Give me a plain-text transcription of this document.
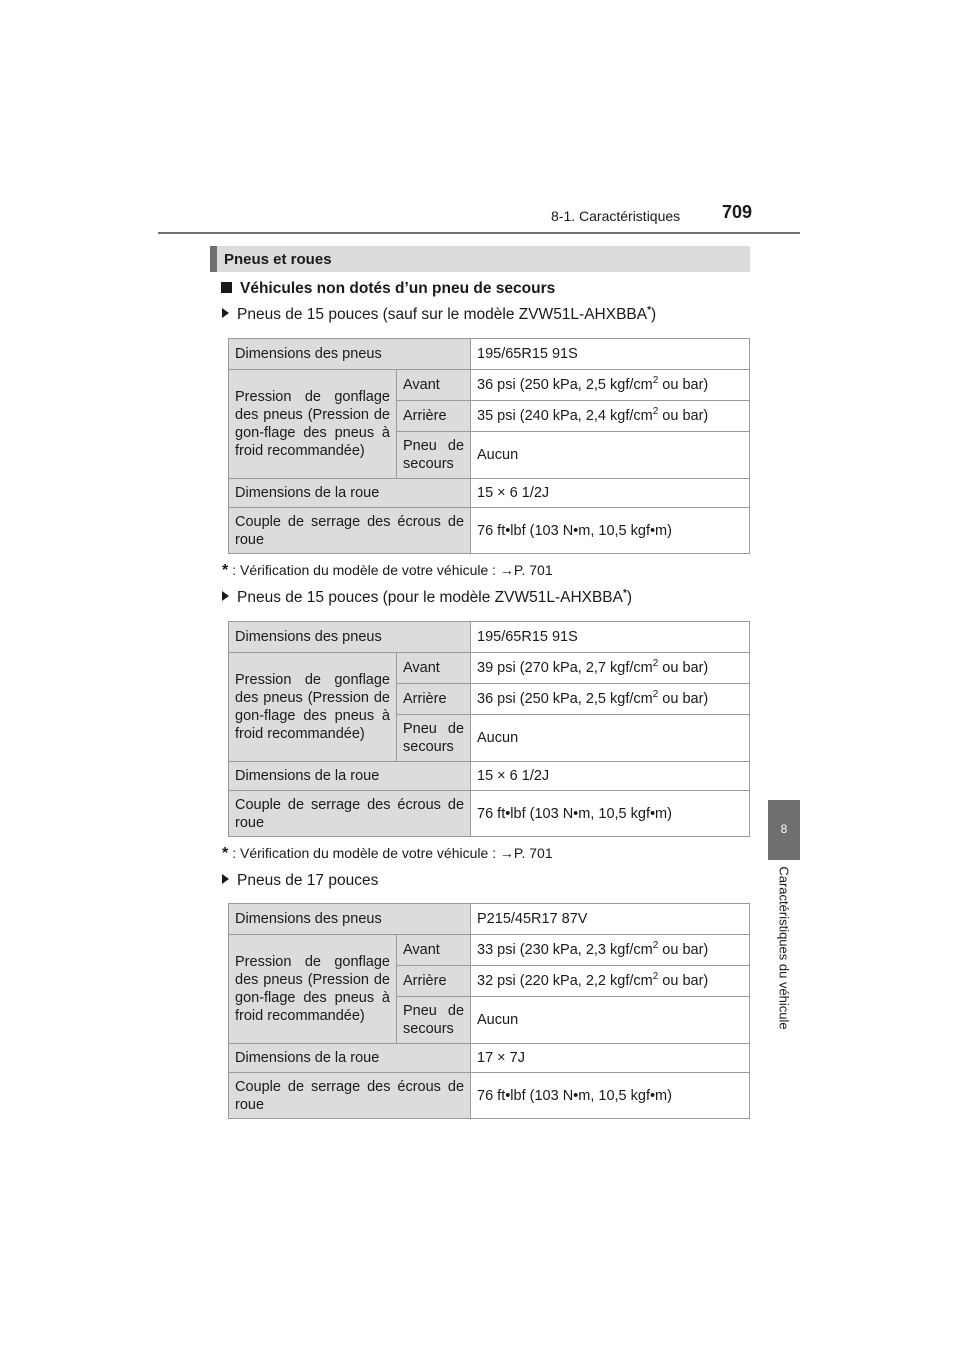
8-1. Caractéristiques 709
8
Caractéristiques du véhicule
Pneus et roues
Véhicules non dotés d’un pneu de secours
Pneus de 15 pouces (sauf sur le modèle ZVW51L-AHXBBA*)
Dimensions des pneus		195/65R15 91S
Pression de gonflage des pneus (Pression de gon-flage des pneus à froid recommandée)	Avant	36 psi (250 kPa, 2,5 kgf/$cm^2$ ou bar)
	Arrière	35 psi (240 kPa, 2,4 kgf/$cm^2$ ou bar)
	Pneu de secours	Aucun
Dimensions de la roue		15 × 6 1/2J
Couple de serrage des écrous de roue		76 ft•lbf (103 N•m, 10,5 kgf•m)
* : Vérification du modèle de votre véhicule : →P. 701
Pneus de 15 pouces (pour le modèle ZVW51L-AHXBBA*)
Dimensions des pneus		195/65R15 91S
Pression de gonflage des pneus (Pression de gon-flage des pneus à froid recommandée)	Avant	39 psi (270 kPa, 2,7 kgf/$cm^2$ ou bar)
	Arrière	36 psi (250 kPa, 2,5 kgf/$cm^2$ ou bar)
	Pneu de secours	Aucun
Dimensions de la roue		15 × 6 1/2J
Couple de serrage des écrous de roue		76 ft•lbf (103 N•m, 10,5 kgf•m)
* : Vérification du modèle de votre véhicule : →P. 701
Pneus de 17 pouces
Dimensions des pneus		P215/45R17 87V
Pression de gonflage des pneus (Pression de gon-flage des pneus à froid recommandée)	Avant	33 psi (230 kPa, 2,3 kgf/$cm^2$ ou bar)
	Arrière	32 psi (220 kPa, 2,2 kgf/$cm^2$ ou bar)
	Pneu de secours	Aucun
Dimensions de la roue		17 × 7J
Couple de serrage des écrous de roue		76 ft•lbf (103 N•m, 10,5 kgf•m)
